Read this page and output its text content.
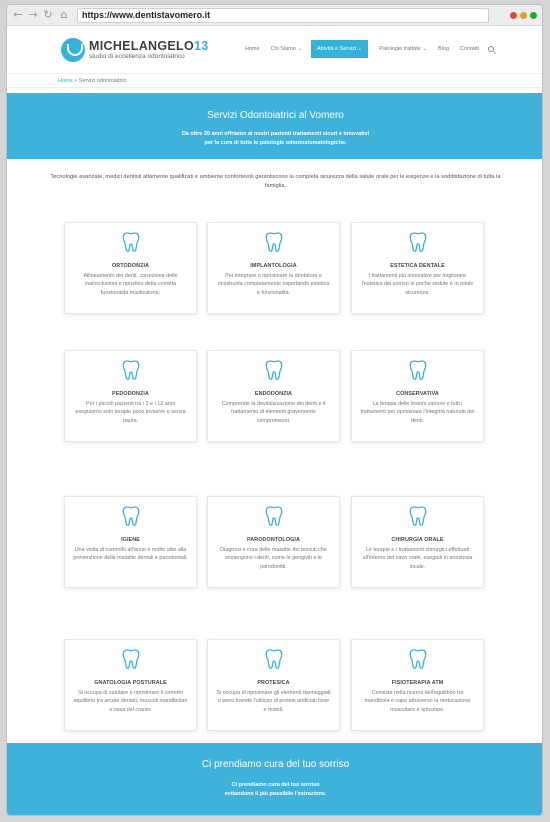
← → ↻ ⌂	https://www.dentistavomero.it
MICHELANGELO13
studio di eccellenza odontoiatrico
Home Chi Siamo ⌄	Attività e Servizi ⌄	Patologie trattate ⌄ Blog Contatti
Home » Servizi odontoiatrici
Servizi Odontoiatrici al Vomero

Da oltre 20 anni offriamo ai nostri pazienti trattamenti sicuri e innovativi
per la cura di tutte le patologie odontostomatologiche.

Tecnologie avanzate, medici dentisti altamente qualificati e ambiente confortevoli garantiscono la completa sicurezza della salute orale per le esigenze e la soddisfazione di tutta la famiglia.
ORTODONZIA
Allineamento dei denti, correzione delle malocclusioni e ripristino della corretta funzionalità masticatoria.
IMPLANTOLOGIA
Per integrare o ripristinare la dentatura e ricostruirla completamente rispettando estetica e funzionalità.
ESTETICA DENTALE
I trattamenti più innovative per migliorare l'estetica del sorriso in poche sedute e in totale sicurezza.
PEDODONZIA
Per i piccoli pazienti tra i 2 e i 12 anni eseguiamo solo terapie poco invasive e senza paura.
ENDODONZIA
Comprende la devitalizzazione dei denti e il trattamento di elementi gravemente compromessi.
CONSERVATIVA
La terapia delle lesioni cariose e tutti i trattamenti per ripristinare l'integrità naturale dei denti.
IGIENE
Una visita di controllo all'anno è molto utile alla prevenzione delle malattie dentali e parodontali.
PARODONTOLOGIA
Diagnosi e cura delle malattie dei tessuti che sostengono i denti, come le gengiviti e le parodontiti.
CHIRURGIA ORALE
Le terapie e i trattamenti chirurgici effettuati all'interno del cavo orale, eseguiti in anestesia locale.
GNATOLOGIA POSTURALE
Si occupa di valutare e ripristinare il corretto equilibrio tra arcate dentali, muscoli mandibolari e ossa del cranio.
PROTESICA
Si occupa di ripristinare gli elementi danneggiati o persi tramite l'utilizzo di protesi artificiali fisse e mobili.
FISIOTERAPIA ATM
Consiste nella ricerca dell'equilibrio tra mandibola e capo attraverso la rieducazione muscolare e articolare.
Ci prendiamo cura del tuo sorriso

Ci prendiamo cura del tuo sorriso
evitandone il più possibile l'estrazione.
